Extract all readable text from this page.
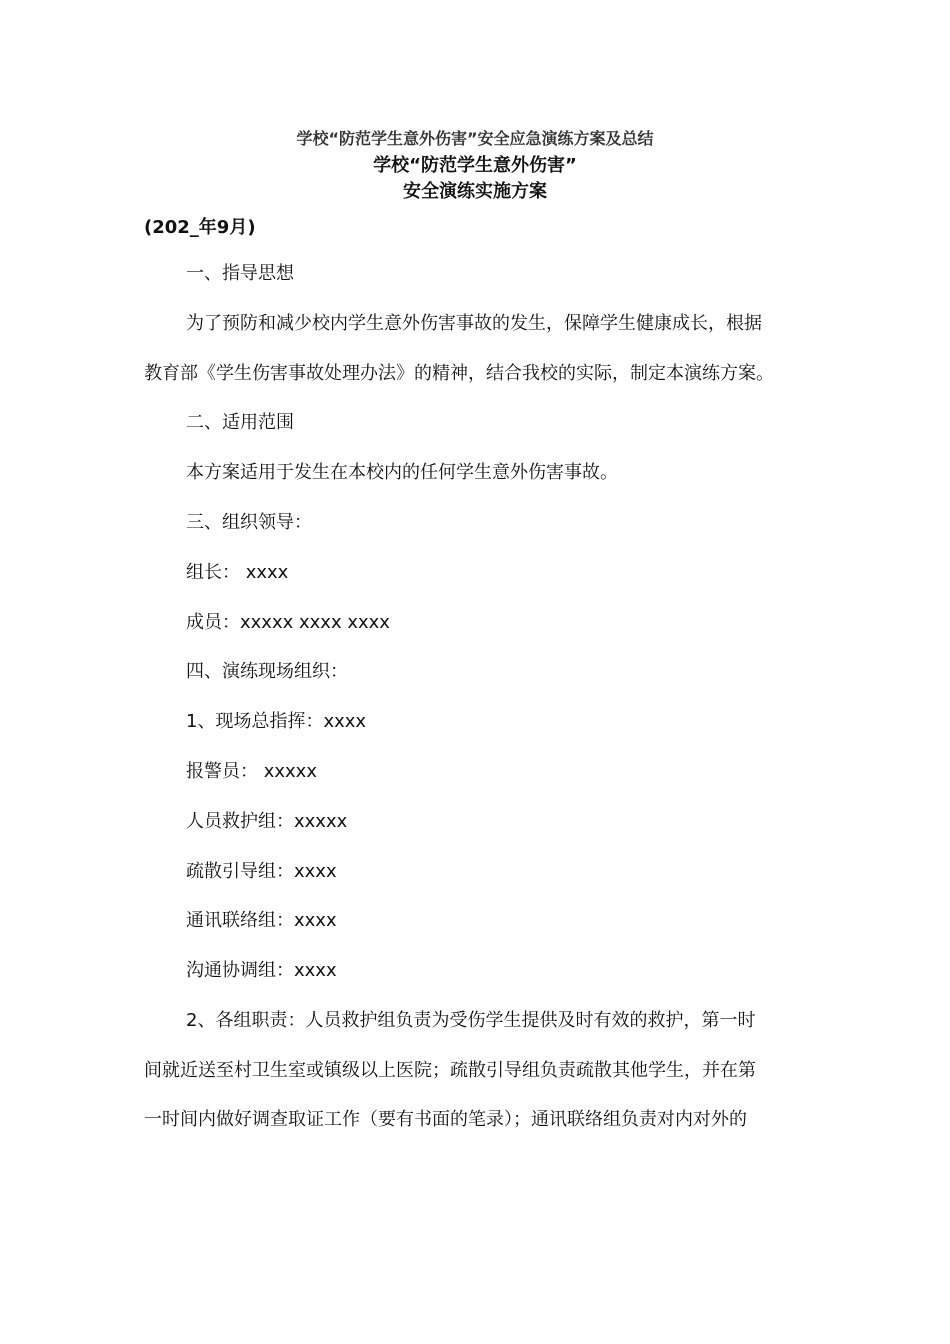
学校“防范学生意外伤害”安全应急演练方案及总结
学校“防范学生意外伤害”
安全演练实施方案
(202_年9月)
一、指导思想
为了预防和减少校内学生意外伤害事故的发生，保障学生健康成长，根据
教育部《学生伤害事故处理办法》的精神，结合我校的实际，制定本演练方案。
二、适用范围
本方案适用于发生在本校内的任何学生意外伤害事故。
三、组织领导：
组长： xxxx
成员：xxxxx xxxx xxxx
四、演练现场组织：
1、现场总指挥：xxxx
报警员： xxxxx
人员救护组：xxxxx
疏散引导组：xxxx
通讯联络组：xxxx
沟通协调组：xxxx
2、各组职责：人员救护组负责为受伤学生提供及时有效的救护，第一时
间就近送至村卫生室或镇级以上医院；疏散引导组负责疏散其他学生，并在第
一时间内做好调查取证工作（要有书面的笔录）；通讯联络组负责对内对外的
